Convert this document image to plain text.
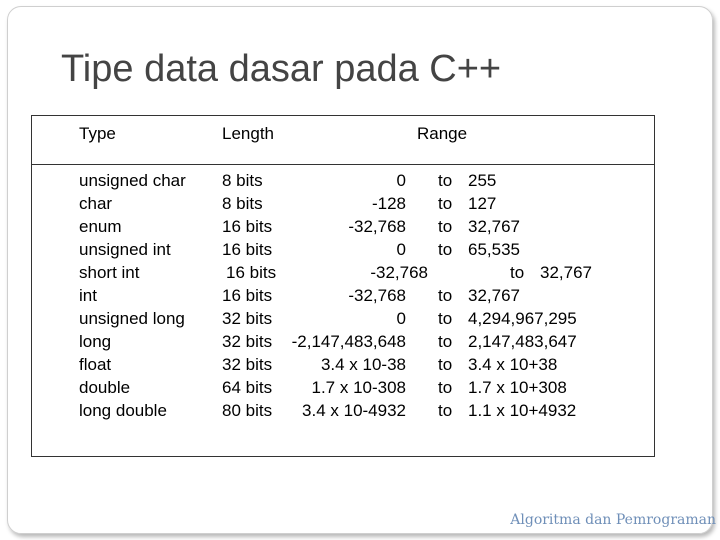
Tipe data dasar pada C++
Type	Length	Range
unsigned char 8 bits	0 to 255
char	8 bits	-128 to 127
enum	16 bits	-32,768 to 32,767
unsigned int	16 bits	0 to 65,535
short int	16 bits	-32,768	to 32,767
int	16 bits	-32,768 to 32,767
unsigned long 32 bits	0 to 4,294,967,295
long	32 bits -2,147,483,648 to 2,147,483,647
float	32 bits	3.4 x 10-38 to 3.4 x 10+38
double	64 bits 1.7 x 10-308 to 1.7 x 10+308
long double	80 bits 3.4 x 10-4932 to 1.1 x 10+4932
Algoritma dan Pemrograman
